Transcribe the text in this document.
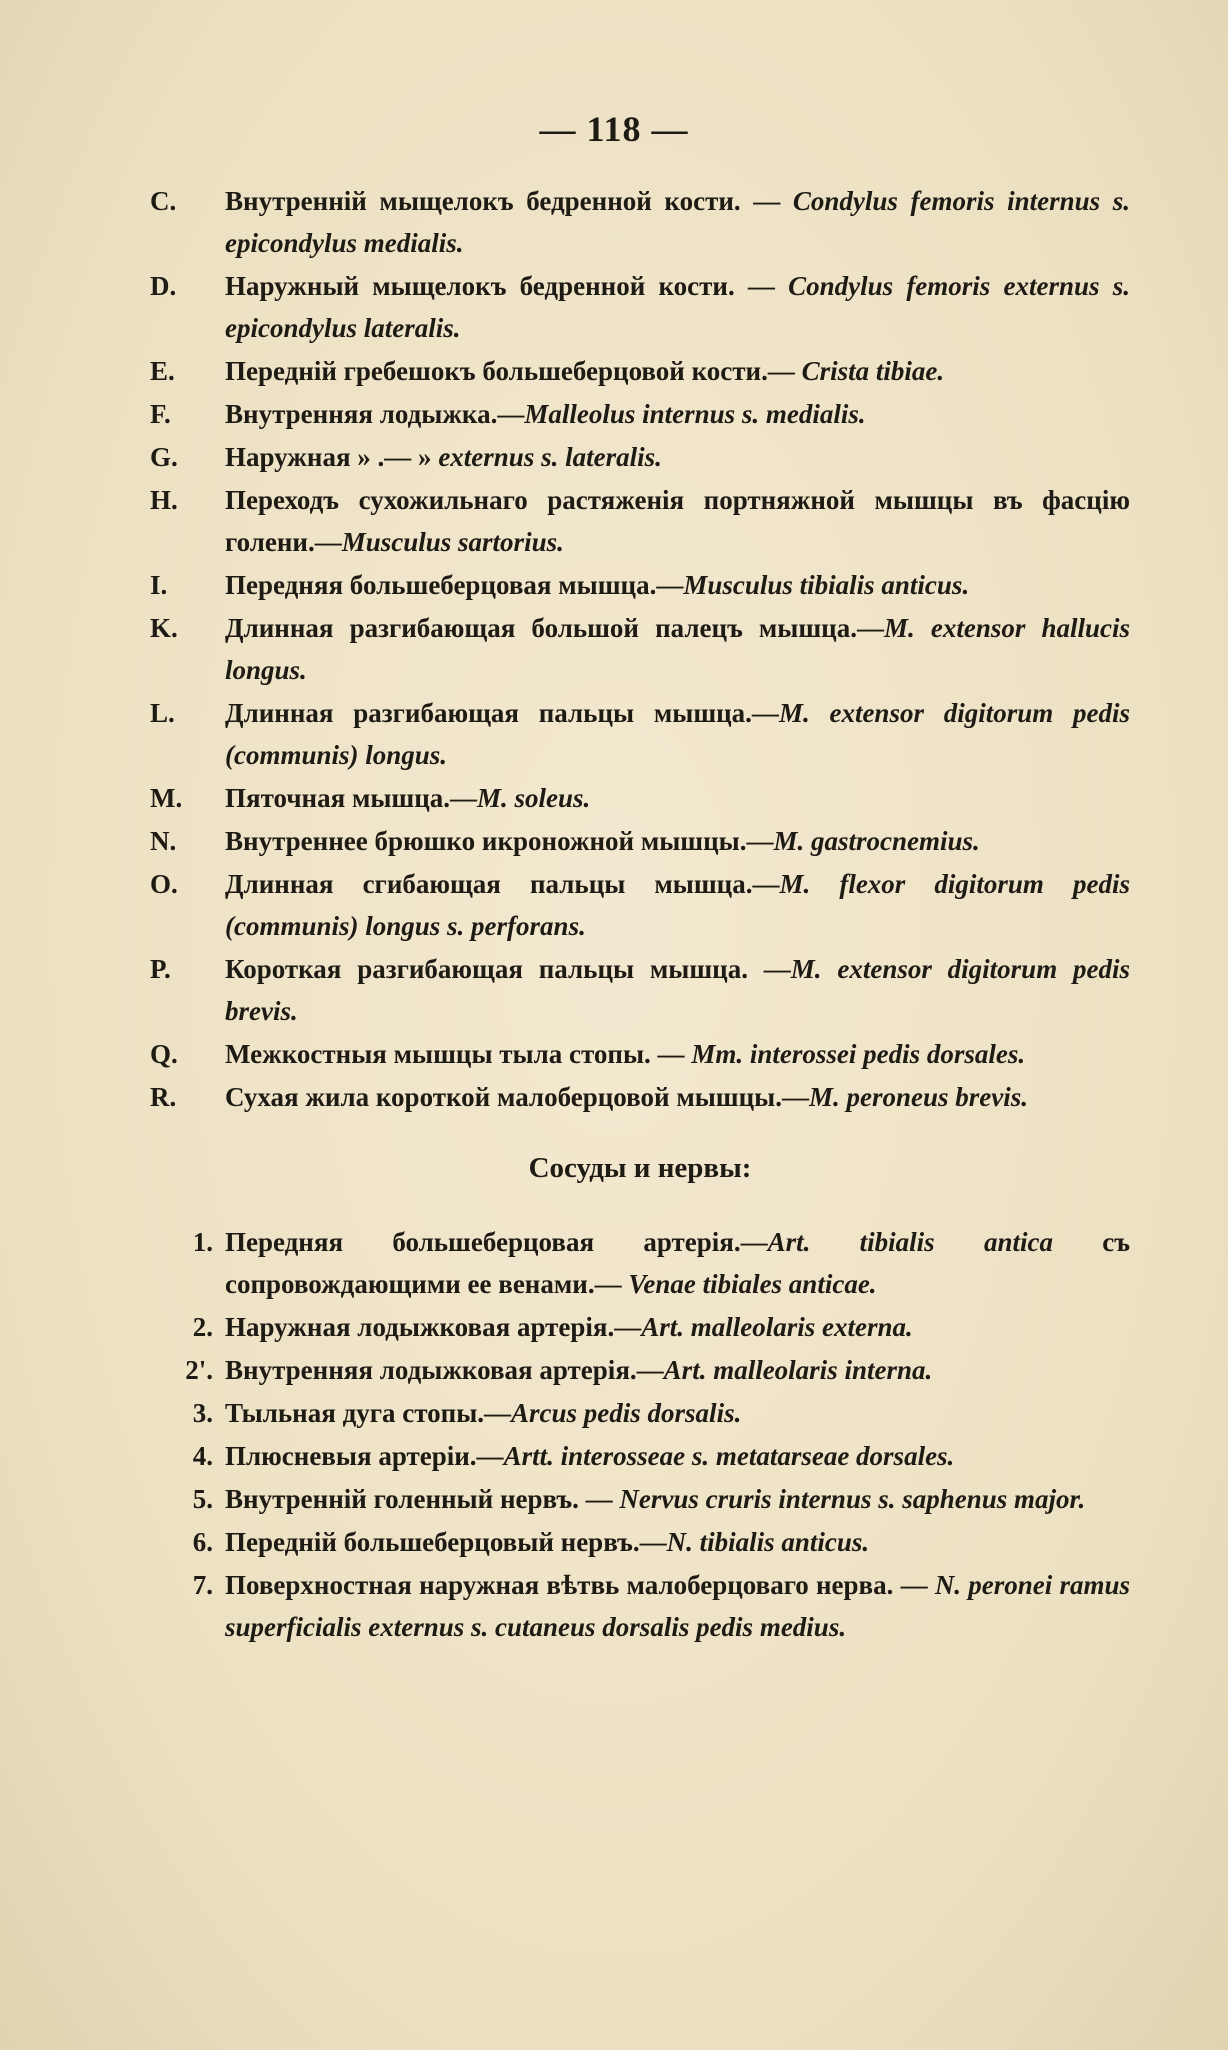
— 118 —
C.	Внутренній мыщелокъ бедренной кости. — Condylus femoris internus s. epicondylus medialis.
D.	Наружный мыщелокъ бедренной кости. — Condylus femoris externus s. epicondylus lateralis.
E.	Передній гребешокъ большеберцовой кости.— Crista tibiae.
F.	Внутренняя лодыжка.—Malleolus internus s. medialis.
G.	Наружная » .— » externus s. lateralis.
H.	Переходъ сухожильнаго растяженія портняжной мышцы въ фасцію голени.—Musculus sartorius.
I.	Передняя большеберцовая мышца.—Musculus tibialis anticus.
K.	Длинная разгибающая большой палецъ мышца.—M. extensor hallucis longus.
L.	Длинная разгибающая пальцы мышца.—M. extensor digitorum pedis (communis) longus.
M.	Пяточная мышца.—M. soleus.
N.	Внутреннее брюшко икроножной мышцы.—M. gastrocnemius.
O.	Длинная сгибающая пальцы мышца.—M. flexor digitorum pedis (communis) longus s. perforans.
P.	Короткая разгибающая пальцы мышца. —M. extensor digitorum pedis brevis.
Q.	Межкостныя мышцы тыла стопы. — Mm. interossei pedis dorsales.
R.	Сухая жила короткой малоберцовой мышцы.—M. peroneus brevis.
Сосуды и нервы:
1. Передняя большеберцовая артерія.—Art. tibialis antica съ сопровождающими ее венами.— Venae tibiales anticae.
2. Наружная лодыжковая артерія.—Art. malleolaris externa.
2'. Внутренняя лодыжковая артерія.—Art. malleolaris interna.
3. Тыльная дуга стопы.—Arcus pedis dorsalis.
4. Плюсневыя артеріи.—Artt. interosseae s. metatarseae dorsales.
5. Внутренній голенный нервъ. — Nervus cruris internus s. saphenus major.
6. Передній большеберцовый нервъ.—N. tibialis anticus.
7. Поверхностная наружная вѣтвь малоберцоваго нерва. — N. peronei ramus superficialis externus s. cutaneus dorsalis pedis medius.
